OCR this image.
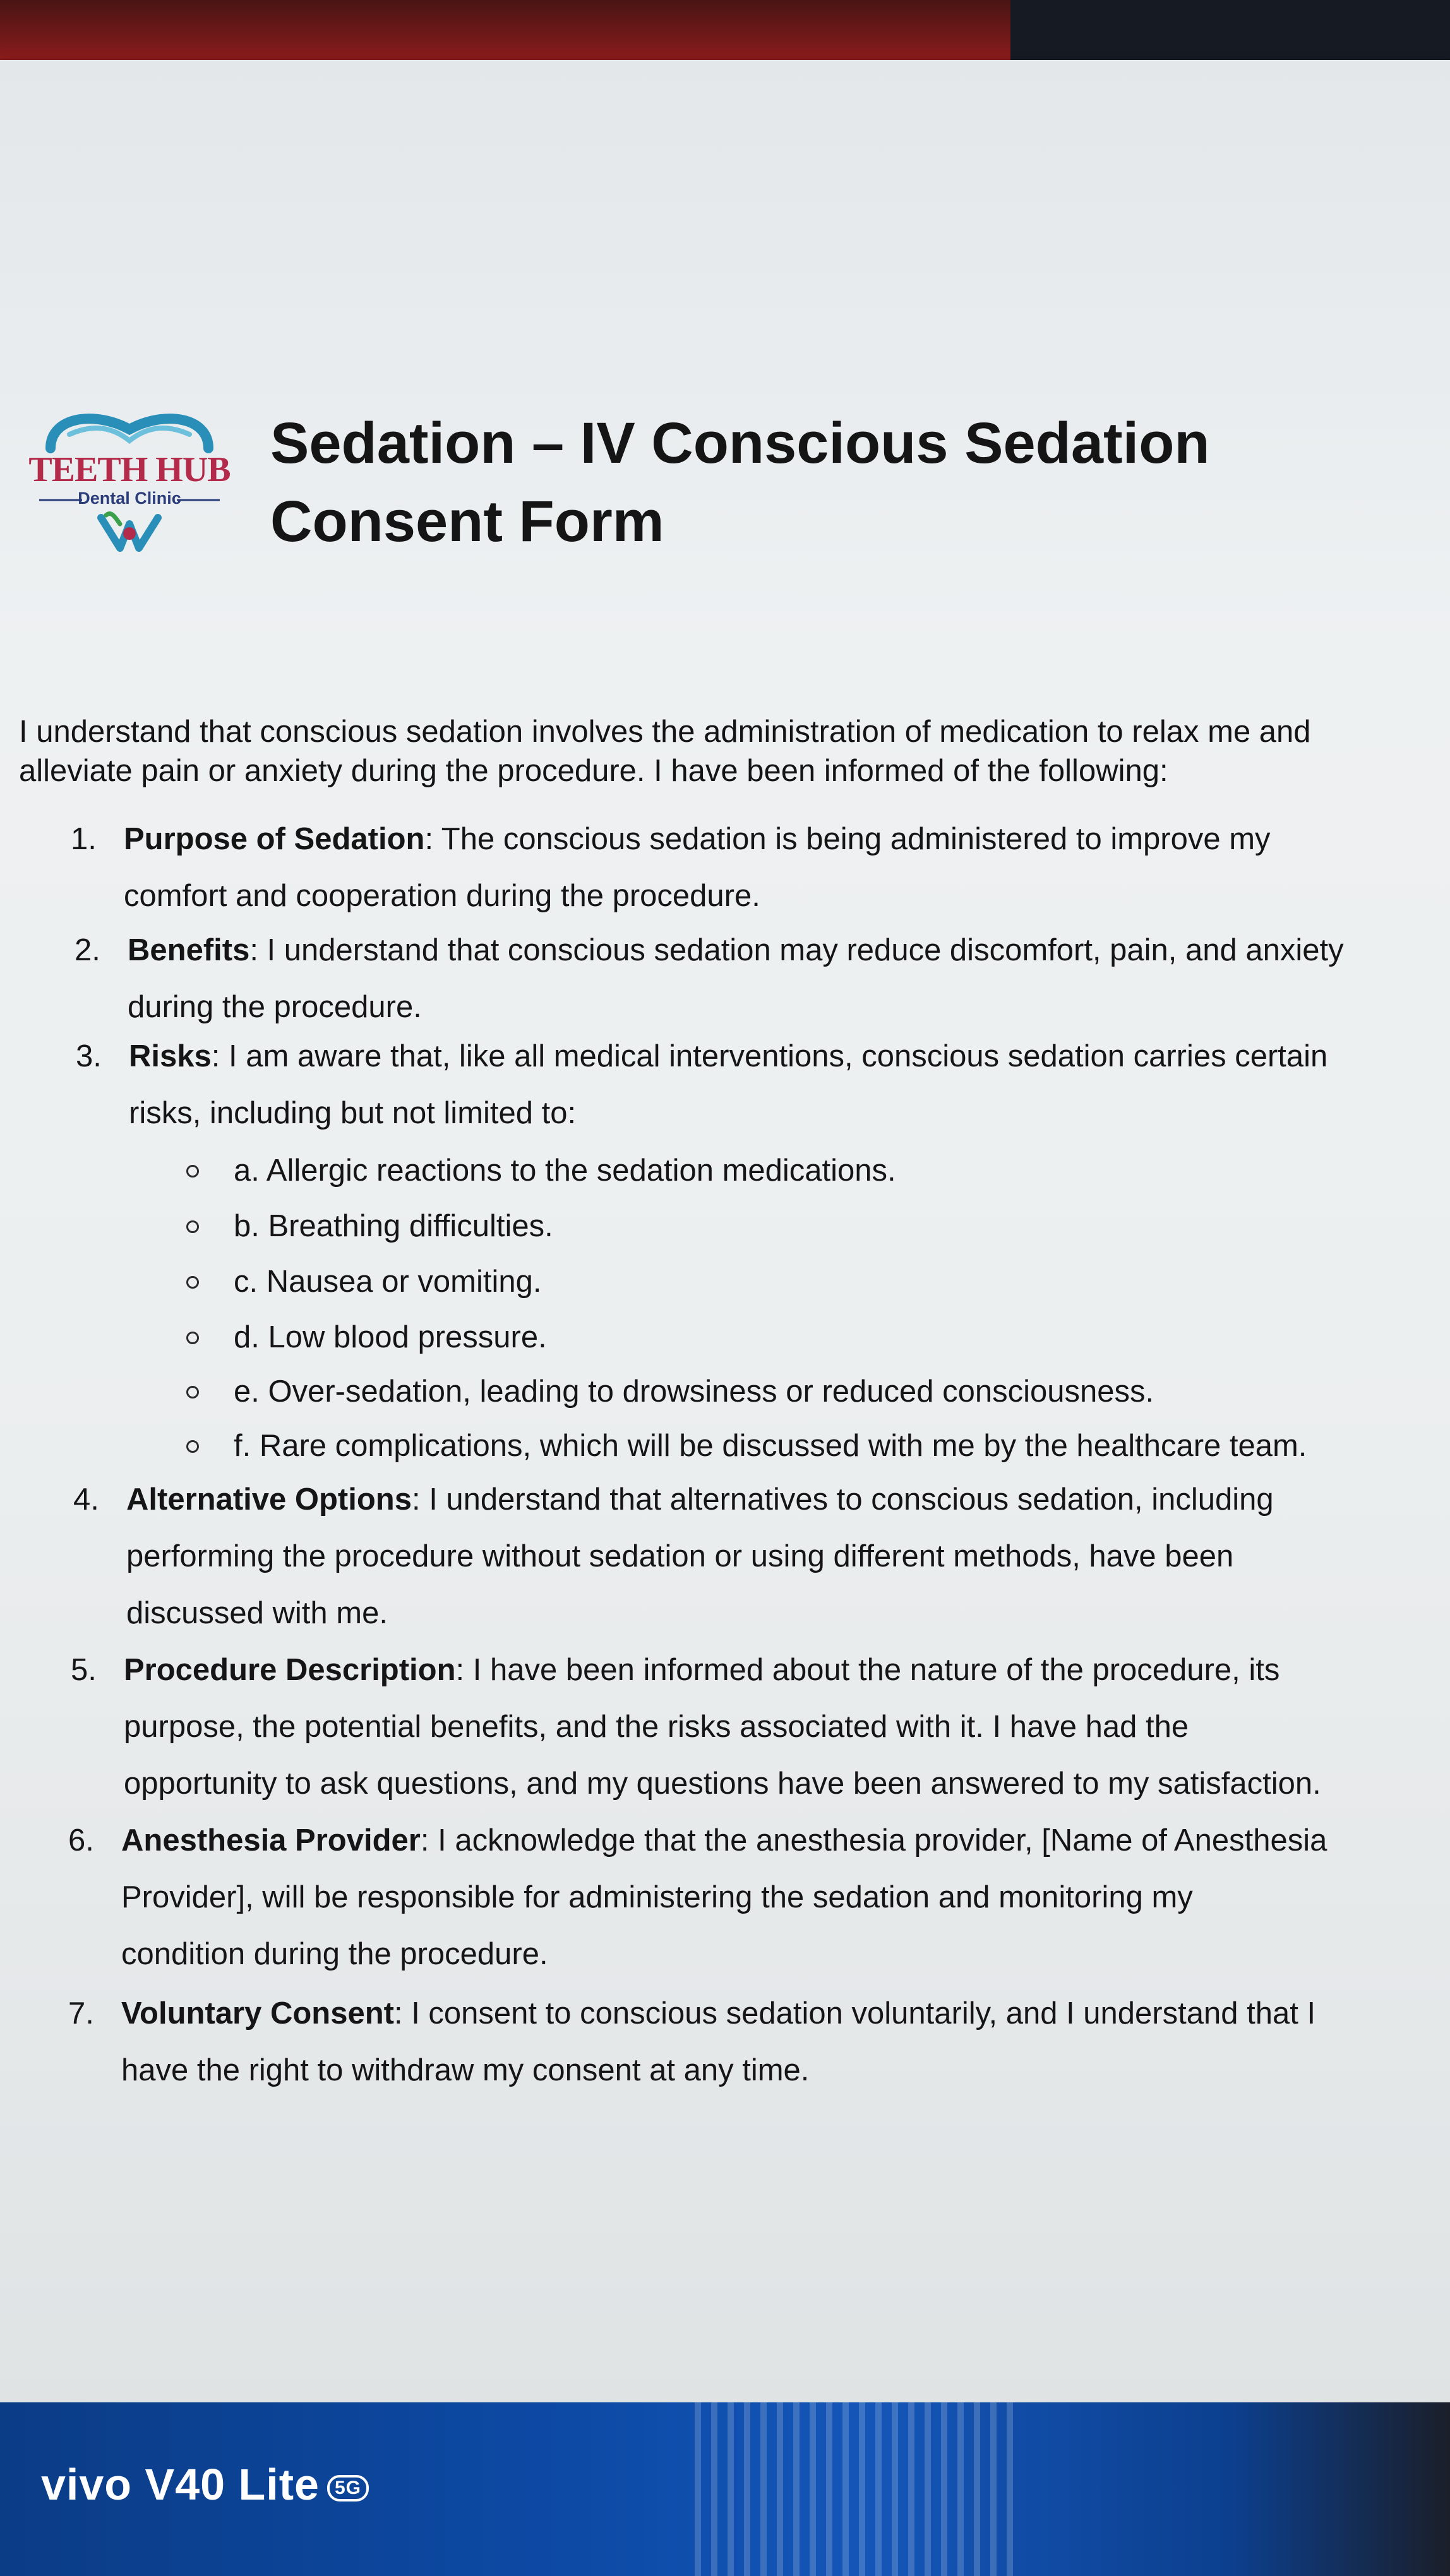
TEETH HUB
Dental Clinic
Sedation – IV Conscious Sedation Consent Form

I understand that conscious sedation involves the administration of medication to relax me and alleviate pain or anxiety during the procedure. I have been informed of the following:

1. Purpose of Sedation: The conscious sedation is being administered to improve my
comfort and cooperation during the procedure.
2. Benefits: I understand that conscious sedation may reduce discomfort, pain, and anxiety
during the procedure.
3. Risks: I am aware that, like all medical interventions, conscious sedation carries certain
risks, including but not limited to:
a. Allergic reactions to the sedation medications.
b. Breathing difficulties.
c. Nausea or vomiting.
d. Low blood pressure.
e. Over-sedation, leading to drowsiness or reduced consciousness.
f. Rare complications, which will be discussed with me by the healthcare team.
4. Alternative Options: I understand that alternatives to conscious sedation, including
performing the procedure without sedation or using different methods, have been
discussed with me.
5. Procedure Description: I have been informed about the nature of the procedure, its
purpose, the potential benefits, and the risks associated with it. I have had the
opportunity to ask questions, and my questions have been answered to my satisfaction.
6. Anesthesia Provider: I acknowledge that the anesthesia provider, [Name of Anesthesia
Provider], will be responsible for administering the sedation and monitoring my
condition during the procedure.
7. Voluntary Consent: I consent to conscious sedation voluntarily, and I understand that I
have the right to withdraw my consent at any time.
vivo V40 Lite 5G
